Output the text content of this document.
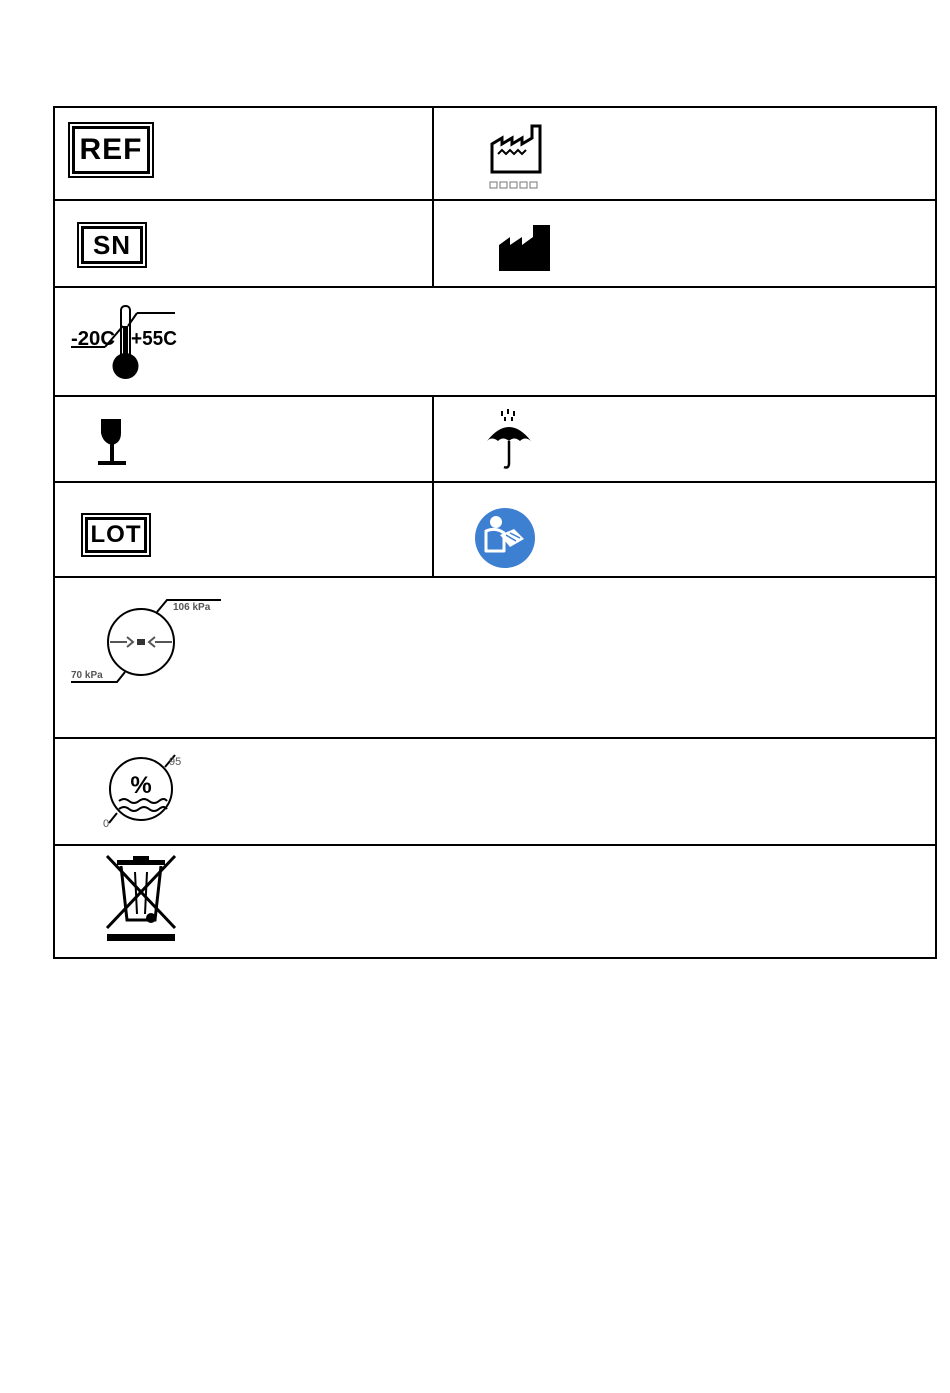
REF

SN

-20C +55C	

LOT

106 kPa
70 kPa	

%
95
0	
